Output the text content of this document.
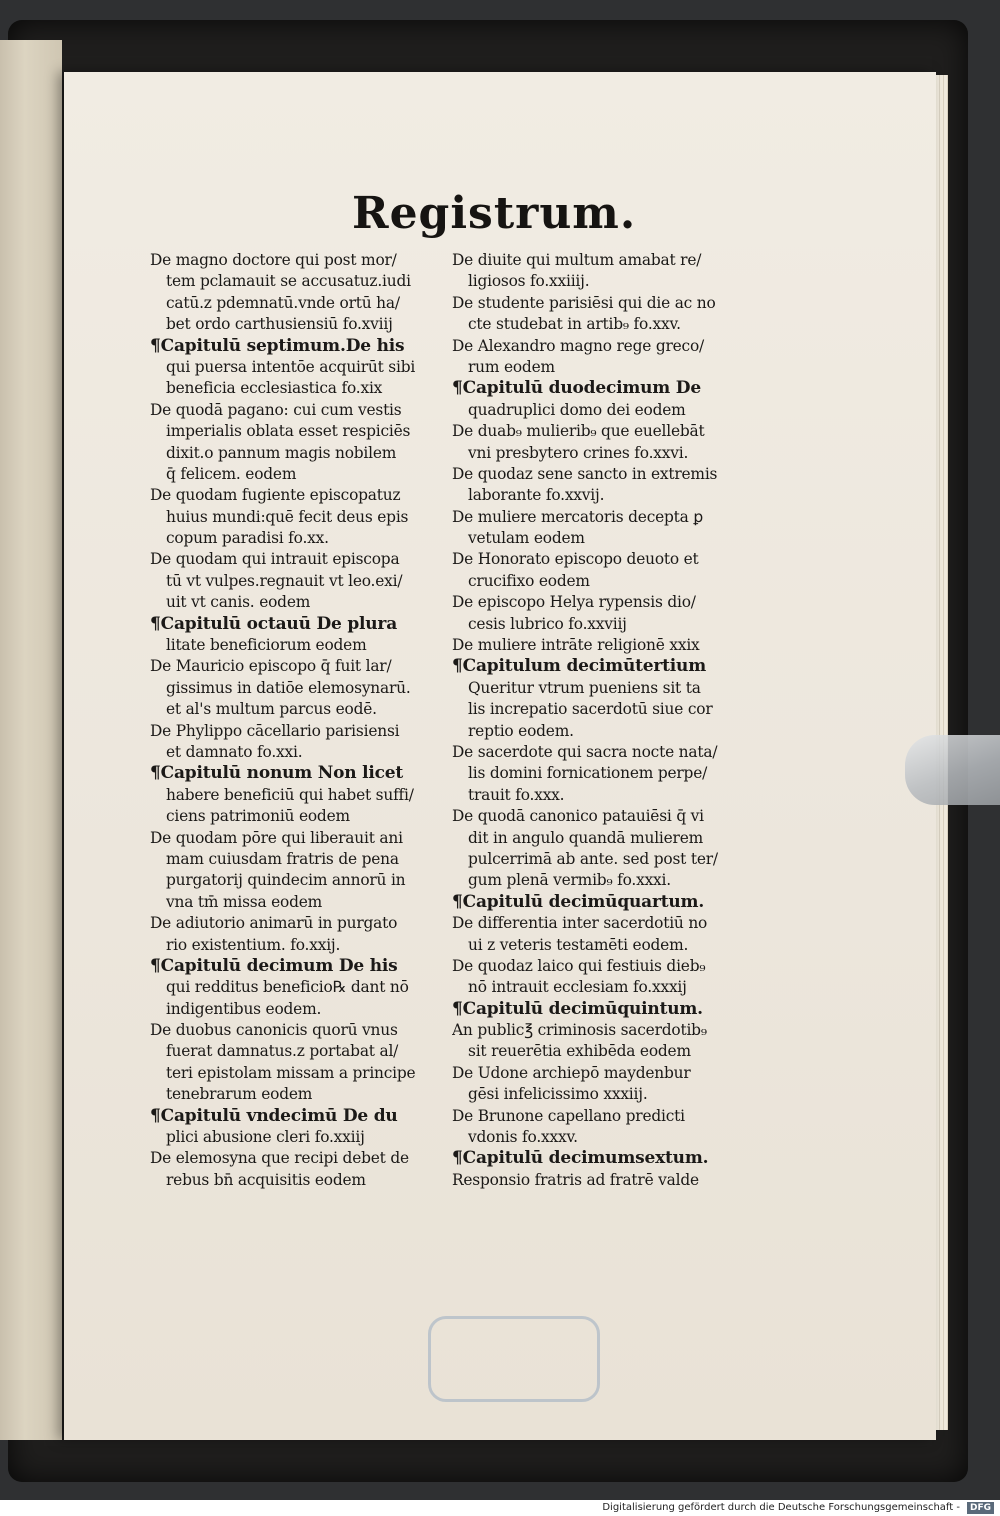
Registrum.
De magno doctore qui post mor/
tem pclamauit se accusatuz.iudi
catū.z pdemnatū.vnde ortū ha/
bet ordo carthusiensiū fo.xviij
¶Capitulū septimum.De his
qui puersa intentōe acquirūt sibi
beneficia ecclesiastica fo.xix
De quodā pagano: cui cum vestis
imperialis oblata esset respiciēs
dixit.o pannum magis nobilem
q̄ felicem. eodem
De quodam fugiente episcopatuz
huius mundi:quē fecit deus epis
copum paradisi fo.xx.
De quodam qui intrauit episcopa
tū vt vulpes.regnauit vt leo.exi/
uit vt canis. eodem
¶Capitulū octauū De plura
litate beneficiorum eodem
De Mauricio episcopo q̄ fuit lar/
gissimus in datiōe elemosynarū.
et al's multum parcus eodē.
De Phylippo cācellario parisiensi
et damnato fo.xxi.
¶Capitulū nonum Non licet
habere beneficiū qui habet suffi/
ciens patrimoniū eodem
De quodam pōre qui liberauit ani
mam cuiusdam fratris de pena
purgatorij quindecim annorū in
vna tm̄ missa eodem
De adiutorio animarū in purgato
rio existentium. fo.xxij.
¶Capitulū decimum De his
qui redditus beneficio℞ dant nō
indigentibus eodem.
De duobus canonicis quorū vnus
fuerat damnatus.z portabat al/
teri epistolam missam a principe
tenebrarum eodem
¶Capitulū vndecimū De du
plici abusione cleri fo.xxiij
De elemosyna que recipi debet de
rebus bn̄ acquisitis eodem
De diuite qui multum amabat re/
ligiosos fo.xxiiij.
De studente parisiēsi qui die ac no
cte studebat in artib₉ fo.xxv.
De Alexandro magno rege greco/
rum eodem
¶Capitulū duodecimum De
quadruplici domo dei eodem
De duab₉ mulierib₉ que euellebāt
vni presbytero crines fo.xxvi.
De quodaz sene sancto in extremis
laborante fo.xxvij.
De muliere mercatoris decepta ꝑ
vetulam eodem
De Honorato episcopo deuoto et
crucifixo eodem
De episcopo Helya rypensis dio/
cesis lubrico fo.xxviij
De muliere intrāte religionē xxix
¶Capitulum decimūtertium
Queritur vtrum pueniens sit ta
lis increpatio sacerdotū siue cor
reptio eodem.
De sacerdote qui sacra nocte nata/
lis domini fornicationem perpe/
trauit fo.xxx.
De quodā canonico patauiēsi q̄ vi
dit in angulo quandā mulierem
pulcerrimā ab ante. sed post ter/
gum plenā vermib₉ fo.xxxi.
¶Capitulū decimūquartum.
De differentia inter sacerdotiū no
ui z veteris testamēti eodem.
De quodaz laico qui festiuis dieb₉
nō intrauit ecclesiam fo.xxxij
¶Capitulū decimūquintum.
An public℥ criminosis sacerdotib₉
sit reuerētia exhibēda eodem
De Udone archiepō maydenbur
gēsi infelicissimo xxxiij.
De Brunone capellano predicti
vdonis fo.xxxv.
¶Capitulū decimumsextum.
Responsio fratris ad fratrē valde
Digitalisierung gefördert durch die Deutsche Forschungsgemeinschaft -	DFG
